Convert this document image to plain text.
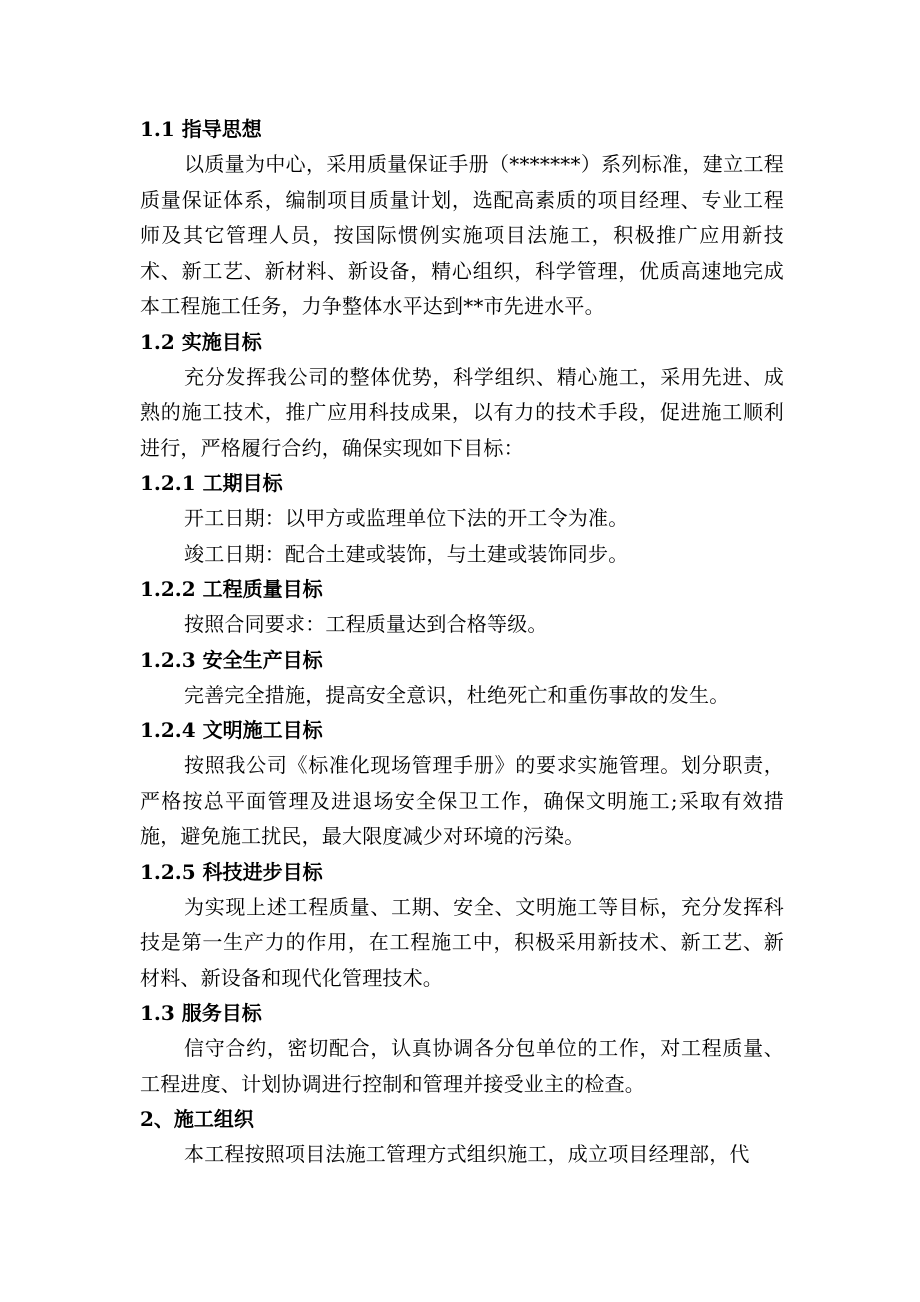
1.1 指导思想

以质量为中心，采用质量保证手册（*******）系列标准，建立工程质量保证体系，编制项目质量计划，选配高素质的项目经理、专业工程师及其它管理人员，按国际惯例实施项目法施工，积极推广应用新技术、新工艺、新材料、新设备，精心组织，科学管理，优质高速地完成本工程施工任务，力争整体水平达到**市先进水平。

1.2 实施目标

充分发挥我公司的整体优势，科学组织、精心施工，采用先进、成熟的施工技术，推广应用科技成果，以有力的技术手段，促进施工顺利进行，严格履行合约，确保实现如下目标：

1.2.1 工期目标

开工日期：以甲方或监理单位下法的开工令为准。

竣工日期：配合土建或装饰，与土建或装饰同步。

1.2.2 工程质量目标

按照合同要求：工程质量达到合格等级。

1.2.3 安全生产目标

完善完全措施，提高安全意识，杜绝死亡和重伤事故的发生。

1.2.4 文明施工目标

按照我公司《标准化现场管理手册》的要求实施管理。划分职责，严格按总平面管理及进退场安全保卫工作，确保文明施工;采取有效措施，避免施工扰民，最大限度减少对环境的污染。

1.2.5 科技进步目标

为实现上述工程质量、工期、安全、文明施工等目标，充分发挥科技是第一生产力的作用，在工程施工中，积极采用新技术、新工艺、新材料、新设备和现代化管理技术。

1.3 服务目标

信守合约，密切配合，认真协调各分包单位的工作，对工程质量、工程进度、计划协调进行控制和管理并接受业主的检查。

2、施工组织

本工程按照项目法施工管理方式组织施工，成立项目经理部，代
